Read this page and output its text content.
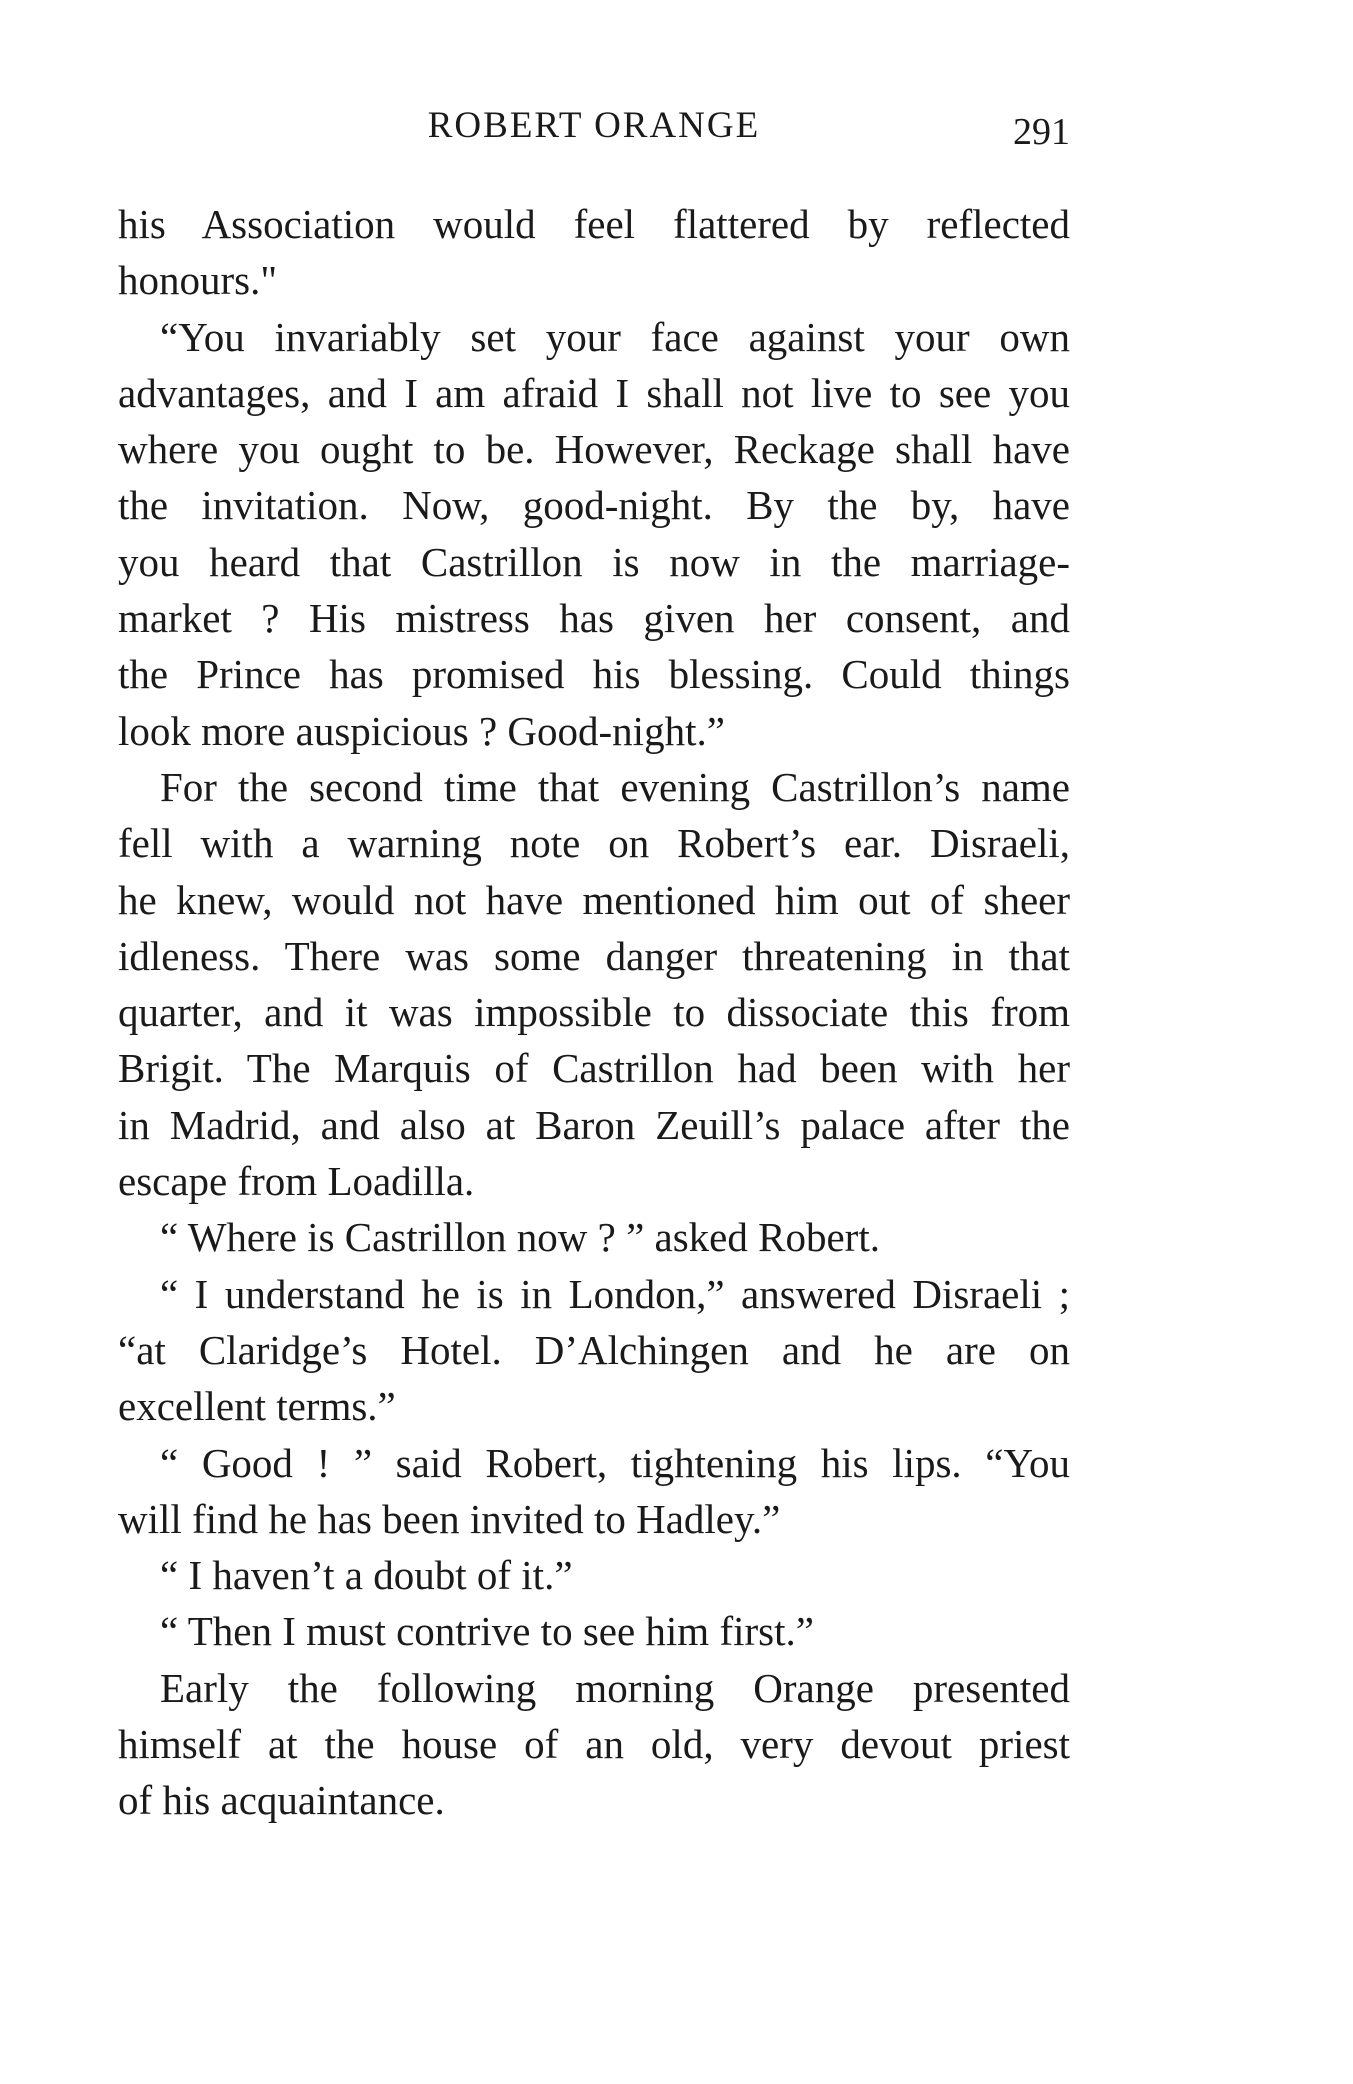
ROBERT ORANGE	291

his Association would feel flattered by reflected
honours."

“You invariably set your face against your own
advantages, and I am afraid I shall not live to see you
where you ought to be. However, Reckage shall have
the invitation. Now, good-night. By the by, have
you heard that Castrillon is now in the marriage-
market ? His mistress has given her consent, and
the Prince has promised his blessing. Could things
look more auspicious ? Good-night.”

For the second time that evening Castrillon’s name
fell with a warning note on Robert’s ear. Disraeli,
he knew, would not have mentioned him out of sheer
idleness. There was some danger threatening in that
quarter, and it was impossible to dissociate this from
Brigit. The Marquis of Castrillon had been with her
in Madrid, and also at Baron Zeuill’s palace after the
escape from Loadilla.

“ Where is Castrillon now ? ” asked Robert.

“ I understand he is in London,” answered Disraeli ;
“at Claridge’s Hotel. D’Alchingen and he are on
excellent terms.”

“ Good ! ” said Robert, tightening his lips. “You
will find he has been invited to Hadley.”

“ I haven’t a doubt of it.”

“ Then I must contrive to see him first.”

Early the following morning Orange presented
himself at the house of an old, very devout priest
of his acquaintance.
